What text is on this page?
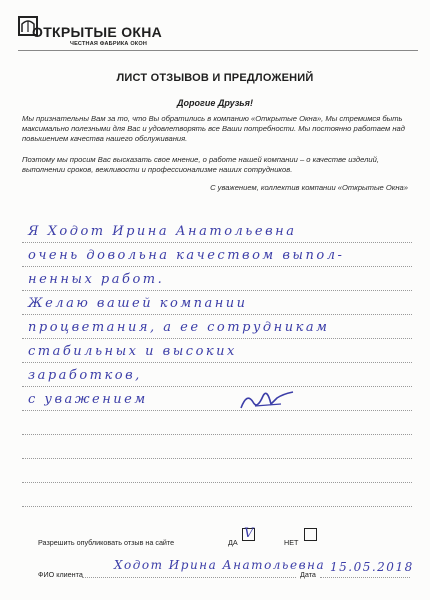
ОТКРЫТЫЕ ОКНА
ЧЕСТНАЯ ФАБРИКА ОКОН
ЛИСТ ОТЗЫВОВ И ПРЕДЛОЖЕНИЙ
Дорогие Друзья!

Мы признательны Вам за то, что Вы обратились в компанию «Открытые Окна», Мы стремимся быть максимально полезными для Вас и удовлетворять все Ваши потребности. Мы постоянно работаем над повышением качества нашего обслуживания.

Поэтому мы просим Вас высказать свое мнение, о работе нашей компании – о качестве изделий, выполнении сроков, вежливости и профессионализме наших сотрудников.

С уважением, коллектив компании «Открытые Окна»
Я Ходот Ирина Анатольевна
очень довольна качеством выпол-
ненных работ.
Желаю вашей компании
процветания, а ее сотрудникам
стабильных и высоких
заработков,
с уважением
Разрешить опубликовать отзыв на сайте	ДА
V
НЕТ
ФИО клиента
Ходот Ирина Анатольевна
Дата
15.05.2018
